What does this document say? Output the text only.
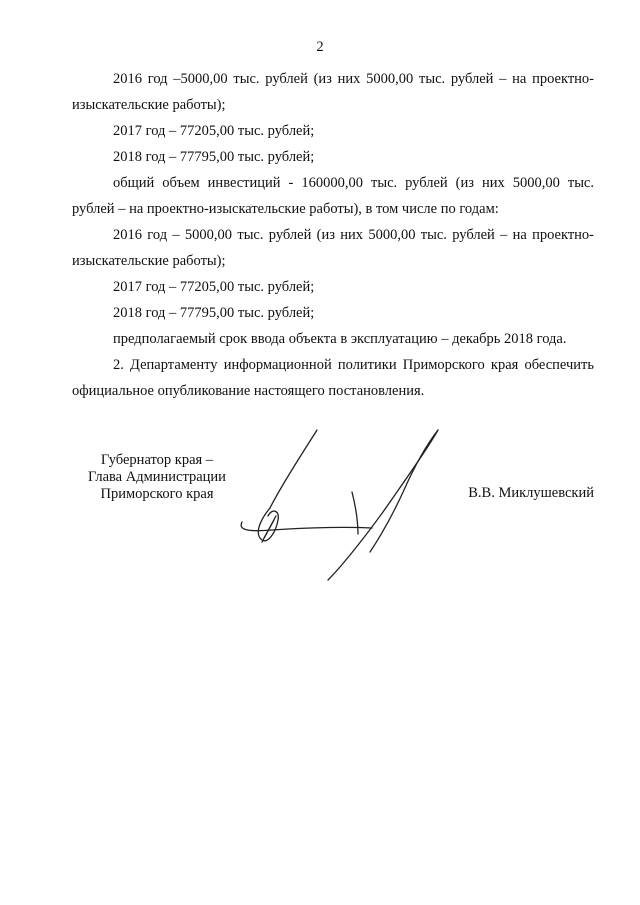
2

2016 год –5000,00 тыс. рублей (из них 5000,00 тыс. рублей – на проектно-изыскательские работы);

2017 год – 77205,00 тыс. рублей;

2018 год – 77795,00 тыс. рублей;

общий объем инвестиций - 160000,00 тыс. рублей (из них 5000,00 тыс. рублей – на проектно-изыскательские работы), в том числе по годам:

2016 год – 5000,00 тыс. рублей (из них 5000,00 тыс. рублей – на проектно-изыскательские работы);

2017 год – 77205,00 тыс. рублей;

2018 год – 77795,00 тыс. рублей;

предполагаемый срок ввода объекта в эксплуатацию – декабрь 2018 года.

2. Департаменту информационной политики Приморского края обеспечить официальное опубликование настоящего постановления.

Губернатор края –
Глава Администрации
Приморского края	В.В. Миклушевский
